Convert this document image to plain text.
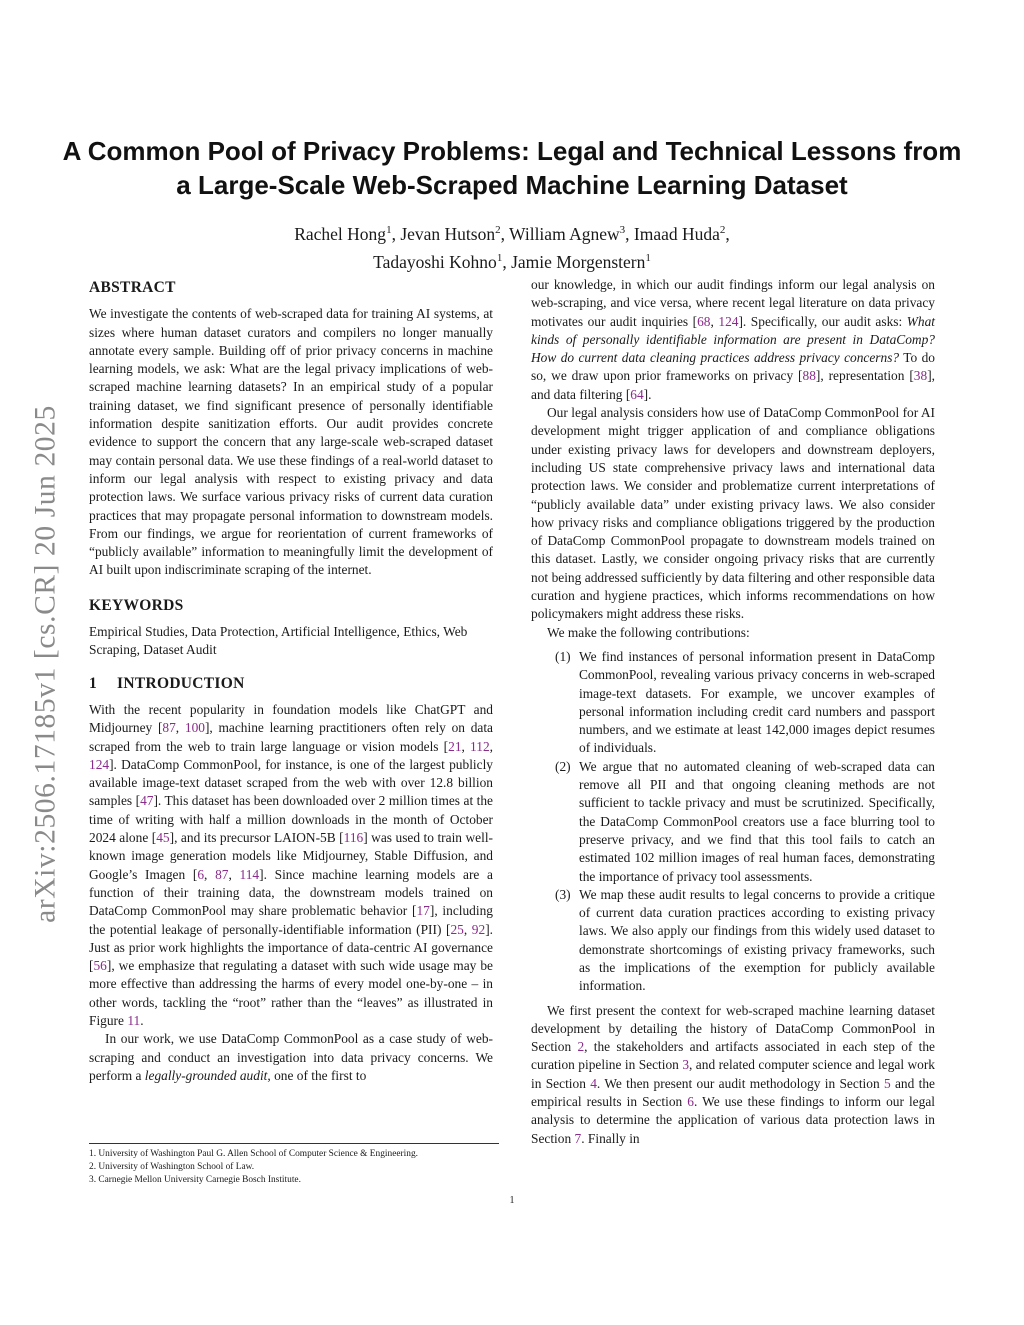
arXiv:2506.17185v1 [cs.CR] 20 Jun 2025
A Common Pool of Privacy Problems: Legal and Technical Lessons from a Large-Scale Web-Scraped Machine Learning Dataset
Rachel Hong$^1$, Jevan Hutson$^2$, William Agnew$^3$, Imaad Huda$^2$,
Tadayoshi Kohno$^1$, Jamie Morgenstern$^1$
ABSTRACT

We investigate the contents of web-scraped data for training AI systems, at sizes where human dataset curators and compilers no longer manually annotate every sample. Building off of prior privacy concerns in machine learning models, we ask: What are the legal privacy implications of web-scraped machine learning datasets? In an empirical study of a popular training dataset, we find significant presence of personally identifiable information despite sanitization efforts. Our audit provides concrete evidence to support the concern that any large-scale web-scraped dataset may contain personal data. We use these findings of a real-world dataset to inform our legal analysis with respect to existing privacy and data protection laws. We surface various privacy risks of current data curation practices that may propagate personal information to downstream models. From our findings, we argue for reorientation of current frameworks of “publicly available” information to meaningfully limit the development of AI built upon indiscriminate scraping of the internet.

KEYWORDS

Empirical Studies, Data Protection, Artificial Intelligence, Ethics, Web Scraping, Dataset Audit

1 INTRODUCTION

With the recent popularity in foundation models like ChatGPT and Midjourney [87, 100], machine learning practitioners often rely on data scraped from the web to train large language or vision models [21, 112, 124]. DataComp CommonPool, for instance, is one of the largest publicly available image-text dataset scraped from the web with over 12.8 billion samples [47]. This dataset has been downloaded over 2 million times at the time of writing with half a million downloads in the month of October 2024 alone [45], and its precursor LAION-5B [116] was used to train well-known image generation models like Midjourney, Stable Diffusion, and Google’s Imagen [6, 87, 114]. Since machine learning models are a function of their training data, the downstream models trained on DataComp CommonPool may share problematic behavior [17], including the potential leakage of personally-identifiable information (PII) [25, 92]. Just as prior work highlights the importance of data-centric AI governance [56], we emphasize that regulating a dataset with such wide usage may be more effective than addressing the harms of every model one-by-one – in other words, tackling the “root” rather than the “leaves” as illustrated in Figure 11.

In our work, we use DataComp CommonPool as a case study of web-scraping and conduct an investigation into data privacy concerns. We perform a legally-grounded audit, one of the first to

our knowledge, in which our audit findings inform our legal analysis on web-scraping, and vice versa, where recent legal literature on data privacy motivates our audit inquiries [68, 124]. Specifically, our audit asks: What kinds of personally identifiable information are present in DataComp? How do current data cleaning practices address privacy concerns? To do so, we draw upon prior frameworks on privacy [88], representation [38], and data filtering [64].

Our legal analysis considers how use of DataComp CommonPool for AI development might trigger application of and compliance obligations under existing privacy laws for developers and downstream deployers, including US state comprehensive privacy laws and international data protection laws. We consider and problematize current interpretations of “publicly available data” under existing privacy laws. We also consider how privacy risks and compliance obligations triggered by the production of DataComp CommonPool propagate to downstream models trained on this dataset. Lastly, we consider ongoing privacy risks that are currently not being addressed sufficiently by data filtering and other responsible data curation and hygiene practices, which informs recommendations on how policymakers might address these risks.

We make the following contributions:

(1) We find instances of personal information present in DataComp CommonPool, revealing various privacy concerns in web-scraped image-text datasets. For example, we uncover examples of personal information including credit card numbers and passport numbers, and we estimate at least 142,000 images depict resumes of individuals.
(2) We argue that no automated cleaning of web-scraped data can remove all PII and that ongoing cleaning methods are not sufficient to tackle privacy and must be scrutinized. Specifically, the DataComp CommonPool creators use a face blurring tool to preserve privacy, and we find that this tool fails to catch an estimated 102 million images of real human faces, demonstrating the importance of privacy tool assessments.
(3) We map these audit results to legal concerns to provide a critique of current data curation practices according to existing privacy laws. We also apply our findings from this widely used dataset to demonstrate shortcomings of existing privacy frameworks, such as the implications of the exemption for publicly available information.

We first present the context for web-scraped machine learning dataset development by detailing the history of DataComp CommonPool in Section 2, the stakeholders and artifacts associated in each step of the curation pipeline in Section 3, and related computer science and legal work in Section 4. We then present our audit methodology in Section 5 and the empirical results in Section 6. We use these findings to inform our legal analysis to determine the application of various data protection laws in Section 7. Finally in

1. University of Washington Paul G. Allen School of Computer Science & Engineering.
2. University of Washington School of Law.
3. Carnegie Mellon University Carnegie Bosch Institute.
1
